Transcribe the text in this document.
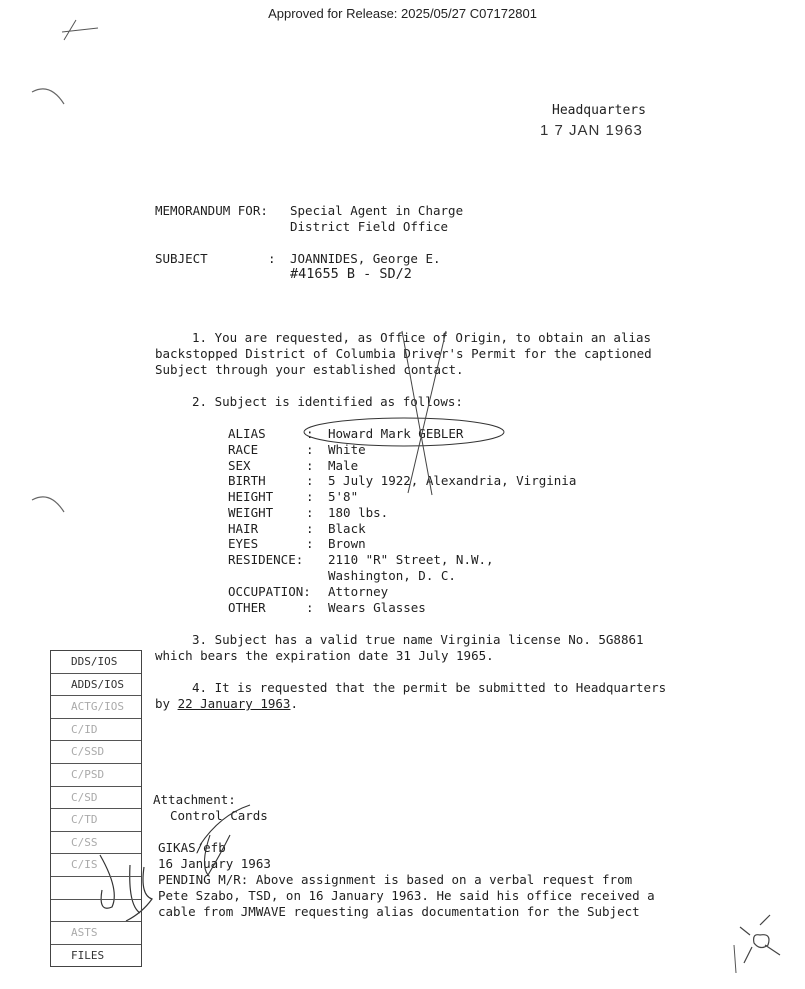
Approved for Release: 2025/05/27 C07172801
Headquarters
1 7 JAN 1963
MEMORANDUM FOR: Special Agent in Charge
District Field Office
SUBJECT	: JOANNIDES, George E.
#41655 B - SD/2
1. You are requested, as Office of Origin, to obtain an alias
backstopped District of Columbia Driver's Permit for the captioned
Subject through your established contact.
2. Subject is identified as follows:
ALIAS	: Howard Mark GEBLER
RACE	: White
SEX	: Male
BIRTH	: 5 July 1922, Alexandria, Virginia
HEIGHT	: 5'8"
WEIGHT	: 180 lbs.
HAIR	: Black
EYES	: Brown
RESIDENCE: 2110 "R" Street, N.W.,
Washington, D. C.
OCCUPATION: Attorney
OTHER	: Wears Glasses
3. Subject has a valid true name Virginia license No. 5G8861
which bears the expiration date 31 July 1965.
4. It is requested that the permit be submitted to Headquarters
by 22 January 1963.
Attachment:
Control Cards
GIKAS/efb
16 January 1963
PENDING M/R: Above assignment is based on a verbal request from
Pete Szabo, TSD, on 16 January 1963. He said his office received a
cable from JMWAVE requesting alias documentation for the Subject
DDS/IOS
ADDS/IOS
ACTG/IOS
C/ID
C/SSD
C/PSD
C/SD
C/TD
C/SS
C/IS
ASTS
FILES
